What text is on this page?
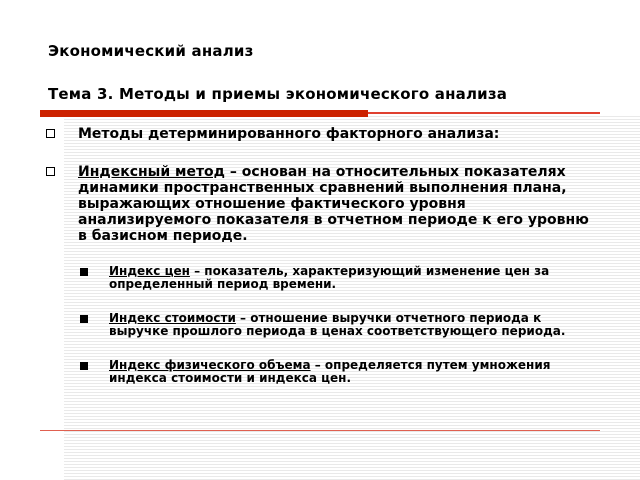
Экономический анализ
Тема 3. Методы и приемы экономического анализа
Методы детерминированного факторного анализа:
Индексный метод – основан на относительных показателях динамики пространственных сравнений выполнения плана, выражающих отношение фактического уровня анализируемого показателя в отчетном периоде к его уровню в базисном периоде.
Индекс цен – показатель, характеризующий изменение цен за определенный период времени.
Индекс стоимости – отношение выручки отчетного периода к выручке прошлого периода в ценах соответствующего периода.
Индекс физического объема – определяется путем умножения индекса стоимости и индекса цен.
